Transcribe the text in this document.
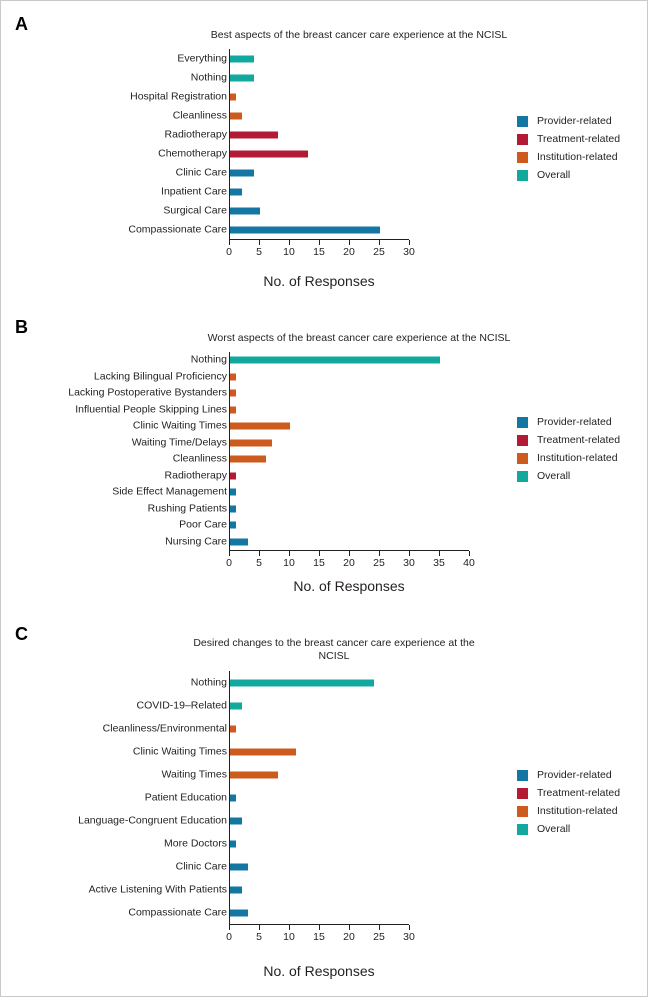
A
Best aspects of the breast cancer care experience at the NCISL
Everything
Nothing
Hospital Registration
Cleanliness
Radiotherapy
Chemotherapy
Clinic Care
Inpatient Care
Surgical Care
Compassionate Care
0 5 10 15 20 25 30
No. of Responses
Provider-related
Treatment-related
Institution-related
Overall
B
Worst aspects of the breast cancer care experience at the NCISL
Nothing
Lacking Bilingual Proficiency
Lacking Postoperative Bystanders
Influential People Skipping Lines
Clinic Waiting Times
Waiting Time/Delays
Cleanliness
Radiotherapy
Side Effect Management
Rushing Patients
Poor Care
Nursing Care
0 5 10 15 20 25 30 35 40
No. of Responses
Provider-related
Treatment-related
Institution-related
Overall
C	Desired changes to the breast cancer care experience at the NCISL
Nothing
COVID-19–Related
Cleanliness/Environmental
Clinic Waiting Times
Waiting Times
Patient Education
Language-Congruent Education
More Doctors
Clinic Care
Active Listening With Patients
Compassionate Care
0 5 10 15 20 25 30
No. of Responses
Provider-related
Treatment-related
Institution-related
Overall
